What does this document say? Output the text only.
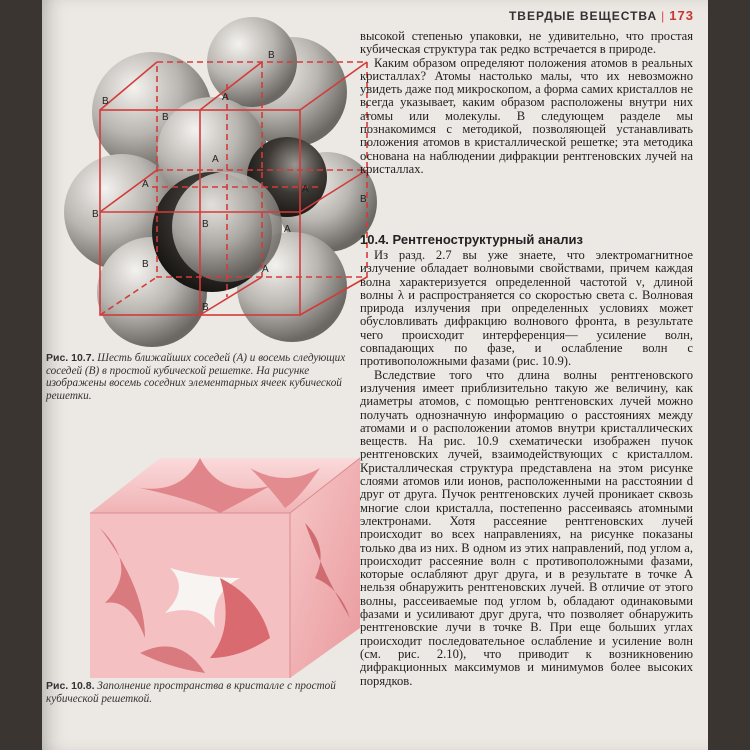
ТВЕРДЫЕ ВЕЩЕСТВА | 173
B
B
A
B
A
A
B
A
B
B	A
A
B
B
Рис. 10.7. Шесть ближайших соседей (А) и восемь следующих соседей (В) в простой кубической решетке. На рисунке изображены восемь соседних элементарных ячеек кубической решетки.
Рис. 10.8. Заполнение пространства в кристалле с простой кубической решеткой.

высокой степенью упаковки, не удивительно, что простая кубическая структура так редко встречается в природе.

Каким образом определяют положения атомов в реальных кристаллах? Атомы настолько малы, что их невозможно увидеть даже под микроскопом, а форма самих кристаллов не всегда указывает, каким образом расположены внутри них атомы или молекулы. В следующем разделе мы познакомимся с методикой, позволяющей устанавливать положения атомов в кристаллической решетке; эта методика основана на наблюдении дифракции рентгеновских лучей на кристаллах.

10.4. Рентгеноструктурный анализ

Из разд. 2.7 вы уже знаете, что электромагнитное излучение обладает волновыми свойствами, причем каждая волна характеризуется определенной частотой ν, длиной волны λ и распространяется со скоростью света c. Волновая природа излучения при определенных условиях может обусловливать дифракцию волнового фронта, в результате чего происходит интерференция— усиление волн, совпадающих по фазе, и ослабление волн с противоположными фазами (рис. 10.9).

Вследствие того что длина волны рентгеновского излучения имеет приблизительно такую же величину, как диаметры атомов, с помощью рентгеновских лучей можно получать однозначную информацию о расстояниях между атомами и о расположении атомов внутри кристаллических веществ. На рис. 10.9 схематически изображен пучок рентгеновских лучей, взаимодействующих с кристаллом. Кристаллическая структура представлена на этом рисунке слоями атомов или ионов, расположенными на расстоянии d друг от друга. Пучок рентгеновских лучей проникает сквозь многие слои кристалла, постепенно рассеиваясь атомными электронами. Хотя рассеяние рентгеновских лучей происходит во всех направлениях, на рисунке показаны только два из них. В одном из этих направлений, под углом a, происходит рассеяние волн с противоположными фазами, которые ослабляют друг друга, и в результате в точке A нельзя обнаружить рентгеновских лучей. В отличие от этого волны, рассеиваемые под углом b, обладают одинаковыми фазами и усиливают друг друга, что позволяет обнаружить рентгеновские лучи в точке B. При еще больших углах происходит последовательное ослабление и усиление волн (см. рис. 2.10), что приводит к возникновению дифракционных максимумов и минимумов более высоких порядков.
